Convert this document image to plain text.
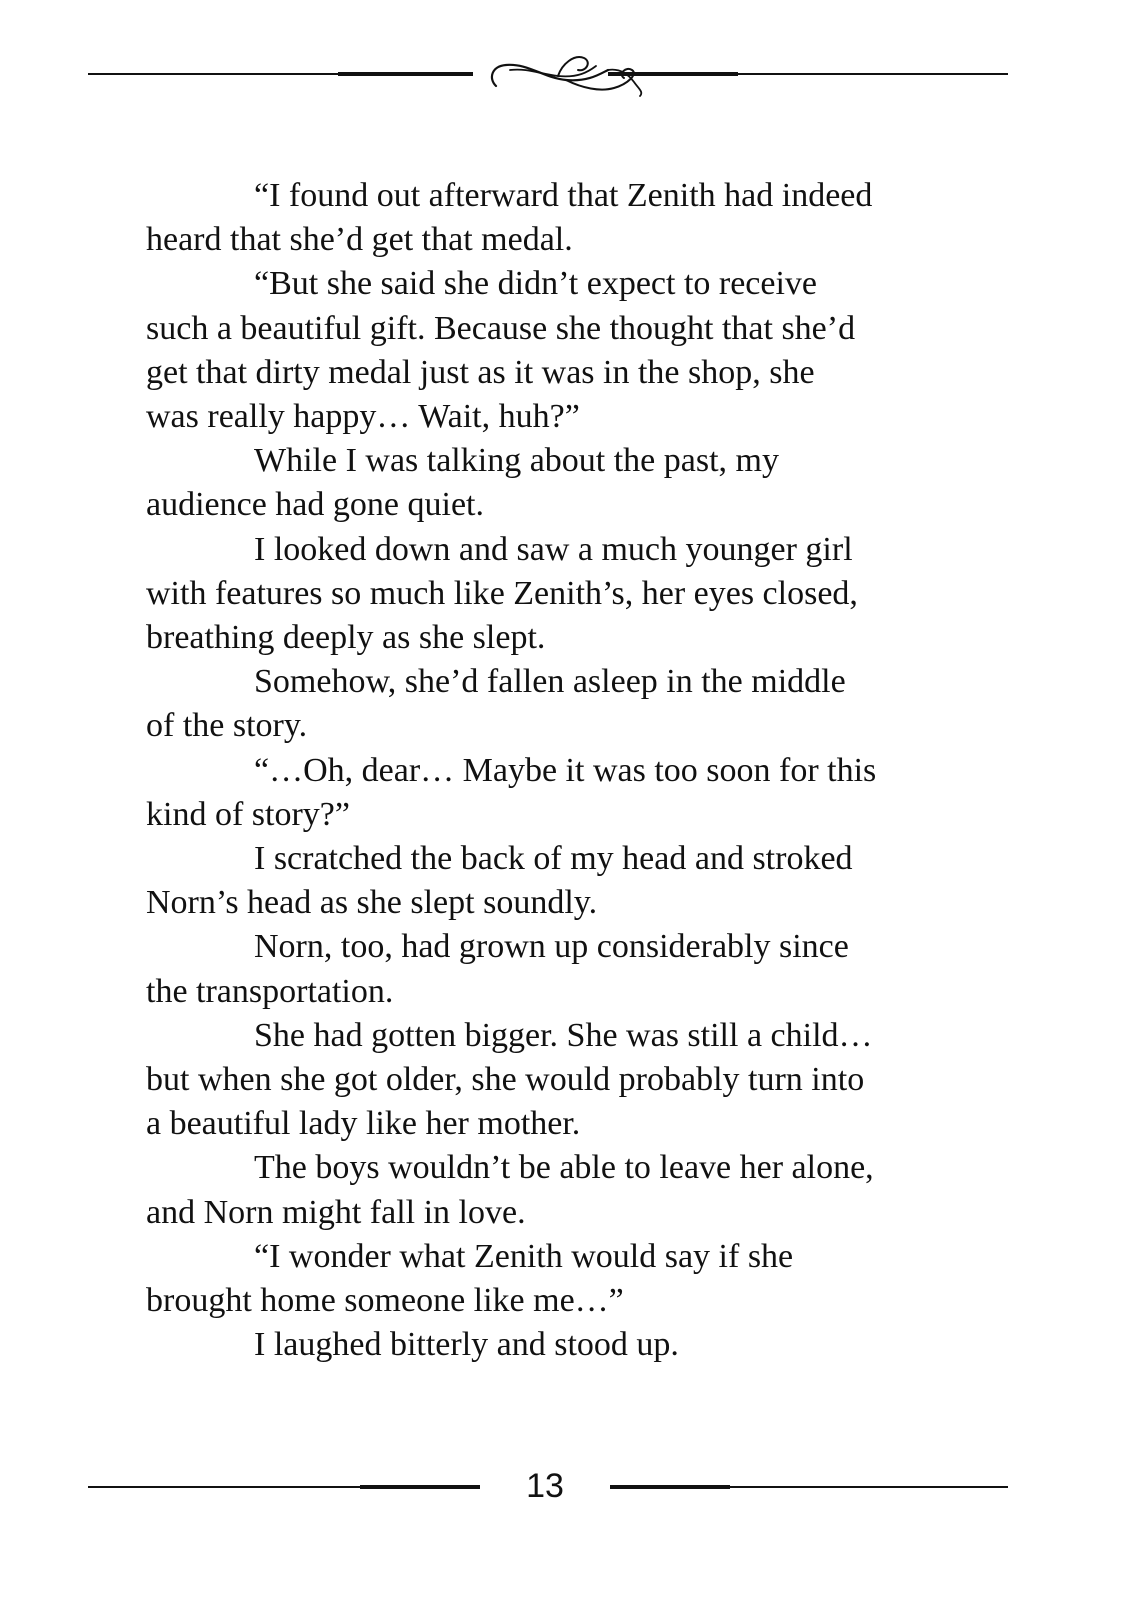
“I found out afterward that Zenith had indeed
heard that she’d get that medal.
“But she said she didn’t expect to receive
such a beautiful gift. Because she thought that she’d
get that dirty medal just as it was in the shop, she
was really happy… Wait, huh?”
While I was talking about the past, my
audience had gone quiet.
I looked down and saw a much younger girl
with features so much like Zenith’s, her eyes closed,
breathing deeply as she slept.
Somehow, she’d fallen asleep in the middle
of the story.
“…Oh, dear… Maybe it was too soon for this
kind of story?”
I scratched the back of my head and stroked
Norn’s head as she slept soundly.
Norn, too, had grown up considerably since
the transportation.
She had gotten bigger. She was still a child…
but when she got older, she would probably turn into
a beautiful lady like her mother.
The boys wouldn’t be able to leave her alone,
and Norn might fall in love.
“I wonder what Zenith would say if she
brought home someone like me…”
I laughed bitterly and stood up.
13
